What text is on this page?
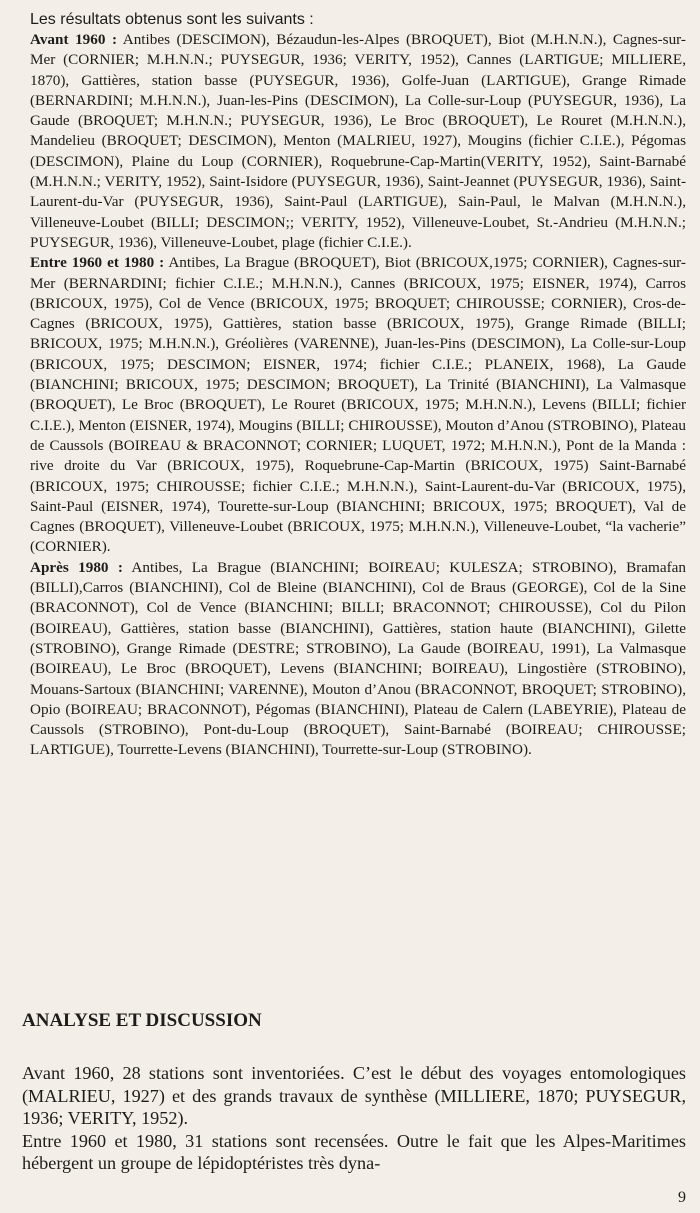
Les résultats obtenus sont les suivants :

Avant 1960 : Antibes (DESCIMON), Bézaudun-les-Alpes (BROQUET), Biot (M.H.N.N.), Cagnes-sur-Mer (CORNIER; M.H.N.N.; PUYSEGUR, 1936; VERITY, 1952), Cannes (LARTIGUE; MILLIERE, 1870), Gattières, station basse (PUYSEGUR, 1936), Golfe-Juan (LARTIGUE), Grange Rimade (BERNARDINI; M.H.N.N.), Juan-les-Pins (DESCIMON), La Colle-sur-Loup (PUYSEGUR, 1936), La Gaude (BROQUET; M.H.N.N.; PUYSEGUR, 1936), Le Broc (BROQUET), Le Rouret (M.H.N.N.), Mandelieu (BROQUET; DESCIMON), Menton (MALRIEU, 1927), Mougins (fichier C.I.E.), Pégomas (DESCIMON), Plaine du Loup (CORNIER), Roquebrune-Cap-Martin(VERITY, 1952), Saint-Barnabé (M.H.N.N.; VERITY, 1952), Saint-Isidore (PUYSEGUR, 1936), Saint-Jeannet (PUYSEGUR, 1936), Saint-Laurent-du-Var (PUYSEGUR, 1936), Saint-Paul (LARTIGUE), Sain-Paul, le Malvan (M.H.N.N.), Villeneuve-Loubet (BILLI; DESCIMON;; VERITY, 1952), Villeneuve-Loubet, St.-Andrieu (M.H.N.N.; PUYSEGUR, 1936), Villeneuve-Loubet, plage (fichier C.I.E.).

Entre 1960 et 1980 : Antibes, La Brague (BROQUET), Biot (BRICOUX,1975; CORNIER), Cagnes-sur-Mer (BERNARDINI; fichier C.I.E.; M.H.N.N.), Cannes (BRICOUX, 1975; EISNER, 1974), Carros (BRICOUX, 1975), Col de Vence (BRICOUX, 1975; BROQUET; CHIROUSSE; CORNIER), Cros-de-Cagnes (BRICOUX, 1975), Gattières, station basse (BRICOUX, 1975), Grange Rimade (BILLI; BRICOUX, 1975; M.H.N.N.), Gréolières (VARENNE), Juan-les-Pins (DESCIMON), La Colle-sur-Loup (BRICOUX, 1975; DESCIMON; EISNER, 1974; fichier C.I.E.; PLANEIX, 1968), La Gaude (BIANCHINI; BRICOUX, 1975; DESCIMON; BROQUET), La Trinité (BIANCHINI), La Valmasque (BROQUET), Le Broc (BROQUET), Le Rouret (BRICOUX, 1975; M.H.N.N.), Levens (BILLI; fichier C.I.E.), Menton (EISNER, 1974), Mougins (BILLI; CHIROUSSE), Mouton d’Anou (STROBINO), Plateau de Caussols (BOIREAU & BRACONNOT; CORNIER; LUQUET, 1972; M.H.N.N.), Pont de la Manda : rive droite du Var (BRICOUX, 1975), Roquebrune-Cap-Martin (BRICOUX, 1975) Saint-Barnabé (BRICOUX, 1975; CHIROUSSE; fichier C.I.E.; M.H.N.N.), Saint-Laurent-du-Var (BRICOUX, 1975), Saint-Paul (EISNER, 1974), Tourette-sur-Loup (BIANCHINI; BRICOUX, 1975; BROQUET), Val de Cagnes (BROQUET), Villeneuve-Loubet (BRICOUX, 1975; M.H.N.N.), Villeneuve-Loubet, “la vacherie” (CORNIER).

Après 1980 : Antibes, La Brague (BIANCHINI; BOIREAU; KULESZA; STROBINO), Bramafan (BILLI),Carros (BIANCHINI), Col de Bleine (BIANCHINI), Col de Braus (GEORGE), Col de la Sine (BRACONNOT), Col de Vence (BIANCHINI; BILLI; BRACONNOT; CHIROUSSE), Col du Pilon (BOIREAU), Gattières, station basse (BIANCHINI), Gattières, station haute (BIANCHINI), Gilette (STROBINO), Grange Rimade (DESTRE; STROBINO), La Gaude (BOIREAU, 1991), La Valmasque (BOIREAU), Le Broc (BROQUET), Levens (BIANCHINI; BOIREAU), Lingostière (STROBINO), Mouans-Sartoux (BIANCHINI; VARENNE), Mouton d’Anou (BRACONNOT, BROQUET; STROBINO), Opio (BOIREAU; BRACONNOT), Pégomas (BIANCHINI), Plateau de Calern (LABEYRIE), Plateau de Caussols (STROBINO), Pont-du-Loup (BROQUET), Saint-Barnabé (BOIREAU; CHIROUSSE; LARTIGUE), Tourrette-Levens (BIANCHINI), Tourrette-sur-Loup (STROBINO).

ANALYSE ET DISCUSSION

Avant 1960, 28 stations sont inventoriées. C’est le début des voyages entomologiques (MALRIEU, 1927) et des grands travaux de synthèse (MILLIERE, 1870; PUYSEGUR, 1936; VERITY, 1952).

Entre 1960 et 1980, 31 stations sont recensées. Outre le fait que les Alpes-Maritimes hébergent un groupe de lépidoptéristes très dyna-

9
